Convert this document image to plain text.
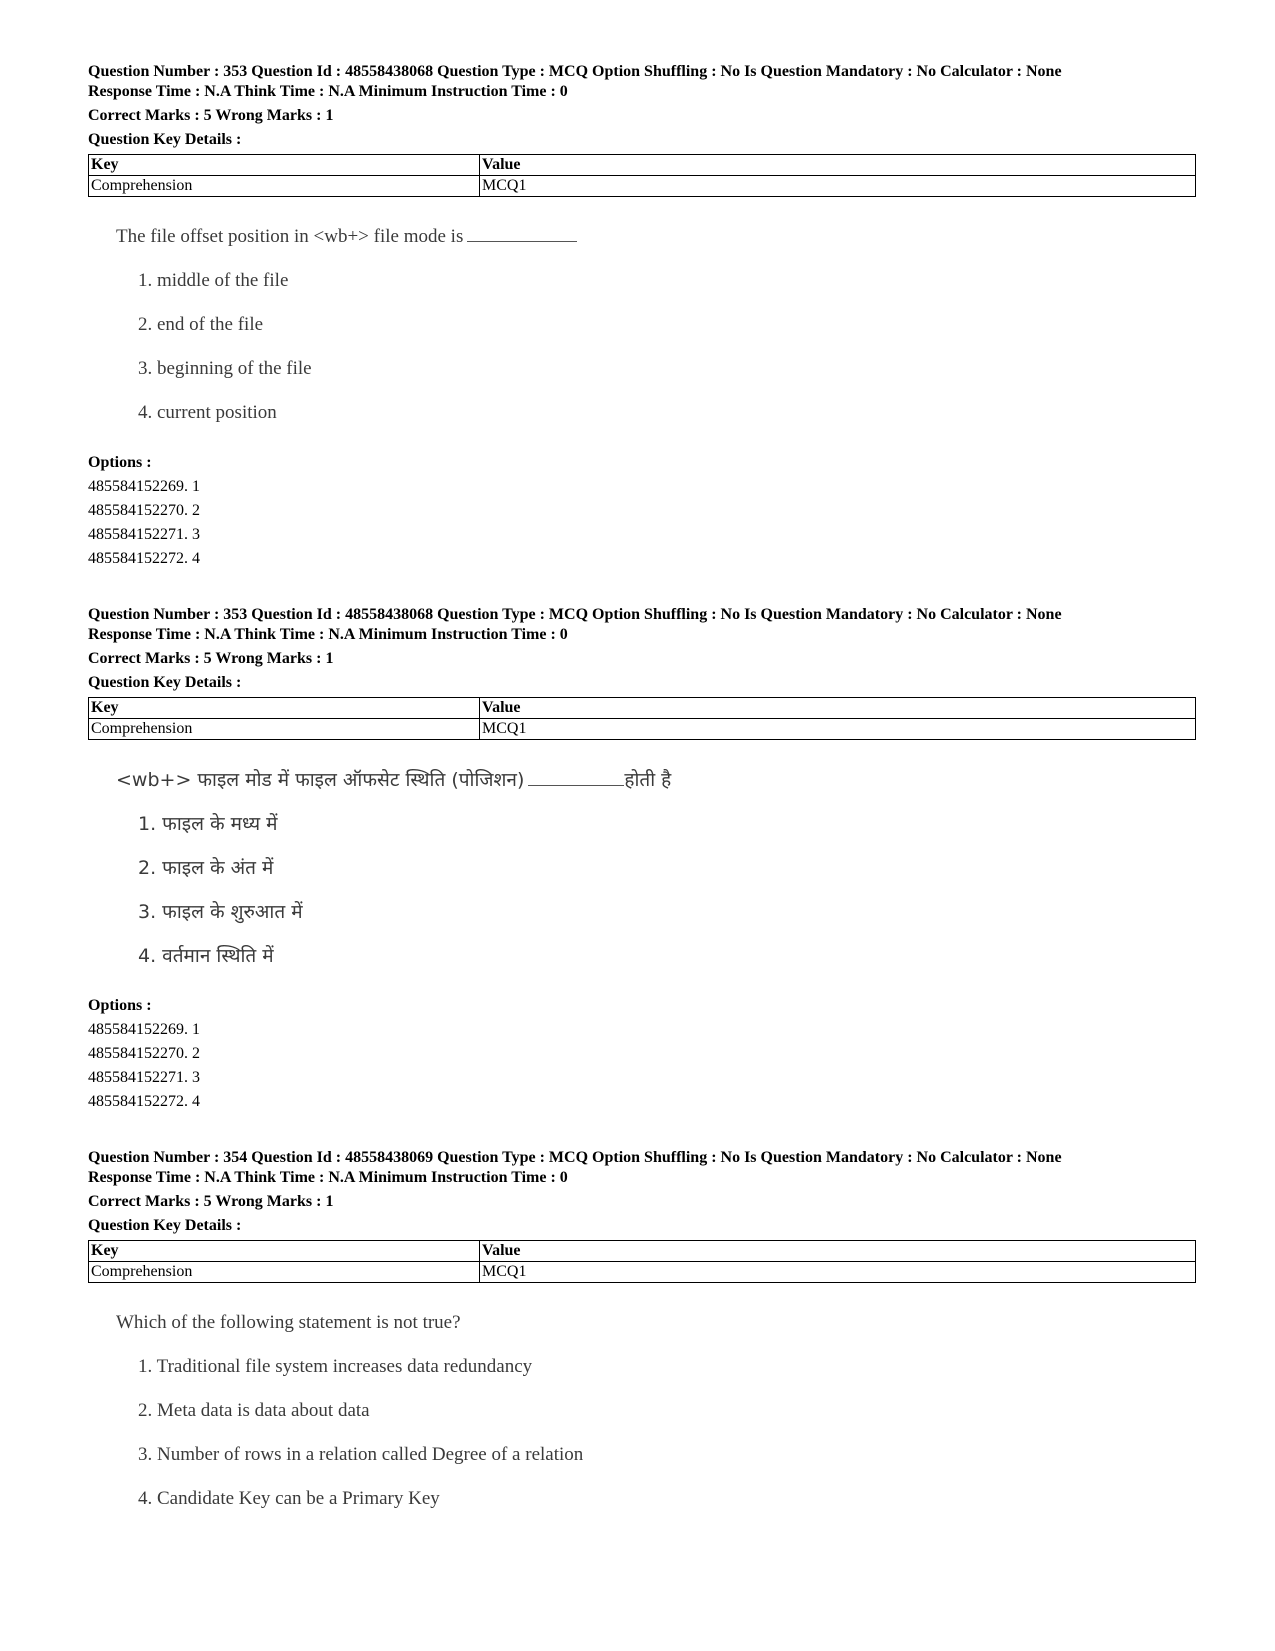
Question Number : 353 Question Id : 48558438068 Question Type : MCQ Option Shuffling : No Is Question Mandatory : No Calculator : None
Response Time : N.A Think Time : N.A Minimum Instruction Time : 0
Correct Marks : 5 Wrong Marks : 1
Question Key Details :
Key	Value
Comprehension	MCQ1
The file offset position in <wb+> file mode is
1. middle of the file
2. end of the file
3. beginning of the file
4. current position
Options :
485584152269. 1
485584152270. 2
485584152271. 3
485584152272. 4
Question Number : 353 Question Id : 48558438068 Question Type : MCQ Option Shuffling : No Is Question Mandatory : No Calculator : None
Response Time : N.A Think Time : N.A Minimum Instruction Time : 0
Correct Marks : 5 Wrong Marks : 1
Question Key Details :
Key	Value
Comprehension	MCQ1
<wb+> फाइल मोड में फाइल ऑफसेट स्थिति (पोजिशन)	होती है
1. फाइल के मध्य में
2. फाइल के अंत में
3. फाइल के शुरुआत में
4. वर्तमान स्थिति में
Options :
485584152269. 1
485584152270. 2
485584152271. 3
485584152272. 4
Question Number : 354 Question Id : 48558438069 Question Type : MCQ Option Shuffling : No Is Question Mandatory : No Calculator : None
Response Time : N.A Think Time : N.A Minimum Instruction Time : 0
Correct Marks : 5 Wrong Marks : 1
Question Key Details :
Key	Value
Comprehension	MCQ1
Which of the following statement is not true?
1. Traditional file system increases data redundancy
2. Meta data is data about data
3. Number of rows in a relation called Degree of a relation
4. Candidate Key can be a Primary Key
